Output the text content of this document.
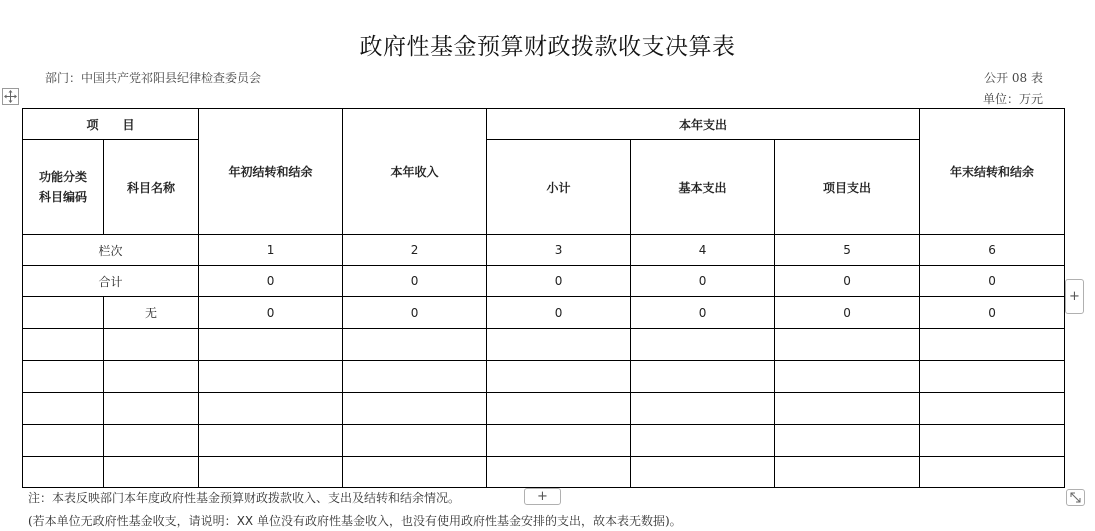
政府性基金预算财政拨款收支决算表
部门：中国共产党祁阳县纪律检查委员会	公开 08 表
单位：万元
项　　目		年初结转和结余	本年收入	本年支出			年末结转和结余
功能分类
科目编码	科目名称			小计	基本支出	项目支出	
栏次		1	2	3	4	5	6
合计		0	0	0	0	0	0
	无	0	0	0	0	0	0

+
注：本表反映部门本年度政府性基金预算财政拨款收入、支出及结转和结余情况。	+
(若本单位无政府性基金收支，请说明：XX 单位没有政府性基金收入，也没有使用政府性基金安排的支出，故本表无数据)。
